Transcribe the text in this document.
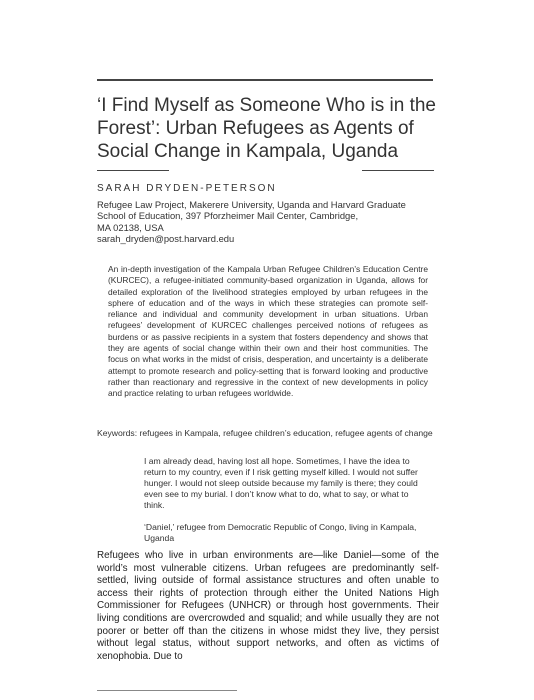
‘I Find Myself as Someone Who is in the Forest’: Urban Refugees as Agents of Social Change in Kampala, Uganda
SARAH DRYDEN-PETERSON
Refugee Law Project, Makerere University, Uganda and Harvard Graduate
School of Education, 397 Pforzheimer Mail Center, Cambridge,
MA 02138, USA
sarah_dryden@post.harvard.edu

An in-depth investigation of the Kampala Urban Refugee Children’s Education Centre (KURCEC), a refugee-initiated community-based organization in Uganda, allows for detailed exploration of the livelihood strategies employed by urban refugees in the sphere of education and of the ways in which these strategies can promote self-reliance and individual and community development in urban situations. Urban refugees’ development of KURCEC challenges perceived notions of refugees as burdens or as passive recipients in a system that fosters dependency and shows that they are agents of social change within their own and their host communities. The focus on what works in the midst of crisis, desperation, and uncertainty is a deliberate attempt to promote research and policy-setting that is forward looking and productive rather than reactionary and regressive in the context of new developments in policy and practice relating to urban refugees worldwide.

Keywords: refugees in Kampala, refugee children’s education, refugee agents of change

I am already dead, having lost all hope. Sometimes, I have the idea to return to my country, even if I risk getting myself killed. I would not suffer hunger. I would not sleep outside because my family is there; they could even see to my burial. I don’t know what to do, what to say, or what to think.

‘Daniel,’ refugee from Democratic Republic of Congo, living in Kampala, Uganda

Refugees who live in urban environments are—like Daniel—some of the world’s most vulnerable citizens. Urban refugees are predominantly self-settled, living outside of formal assistance structures and often unable to access their rights of protection through either the United Nations High Commissioner for Refugees (UNHCR) or through host governments. Their living conditions are overcrowded and squalid; and while usually they are not poorer or better off than the citizens in whose midst they live, they persist without legal status, without support networks, and often as victims of xenophobia. Due to
